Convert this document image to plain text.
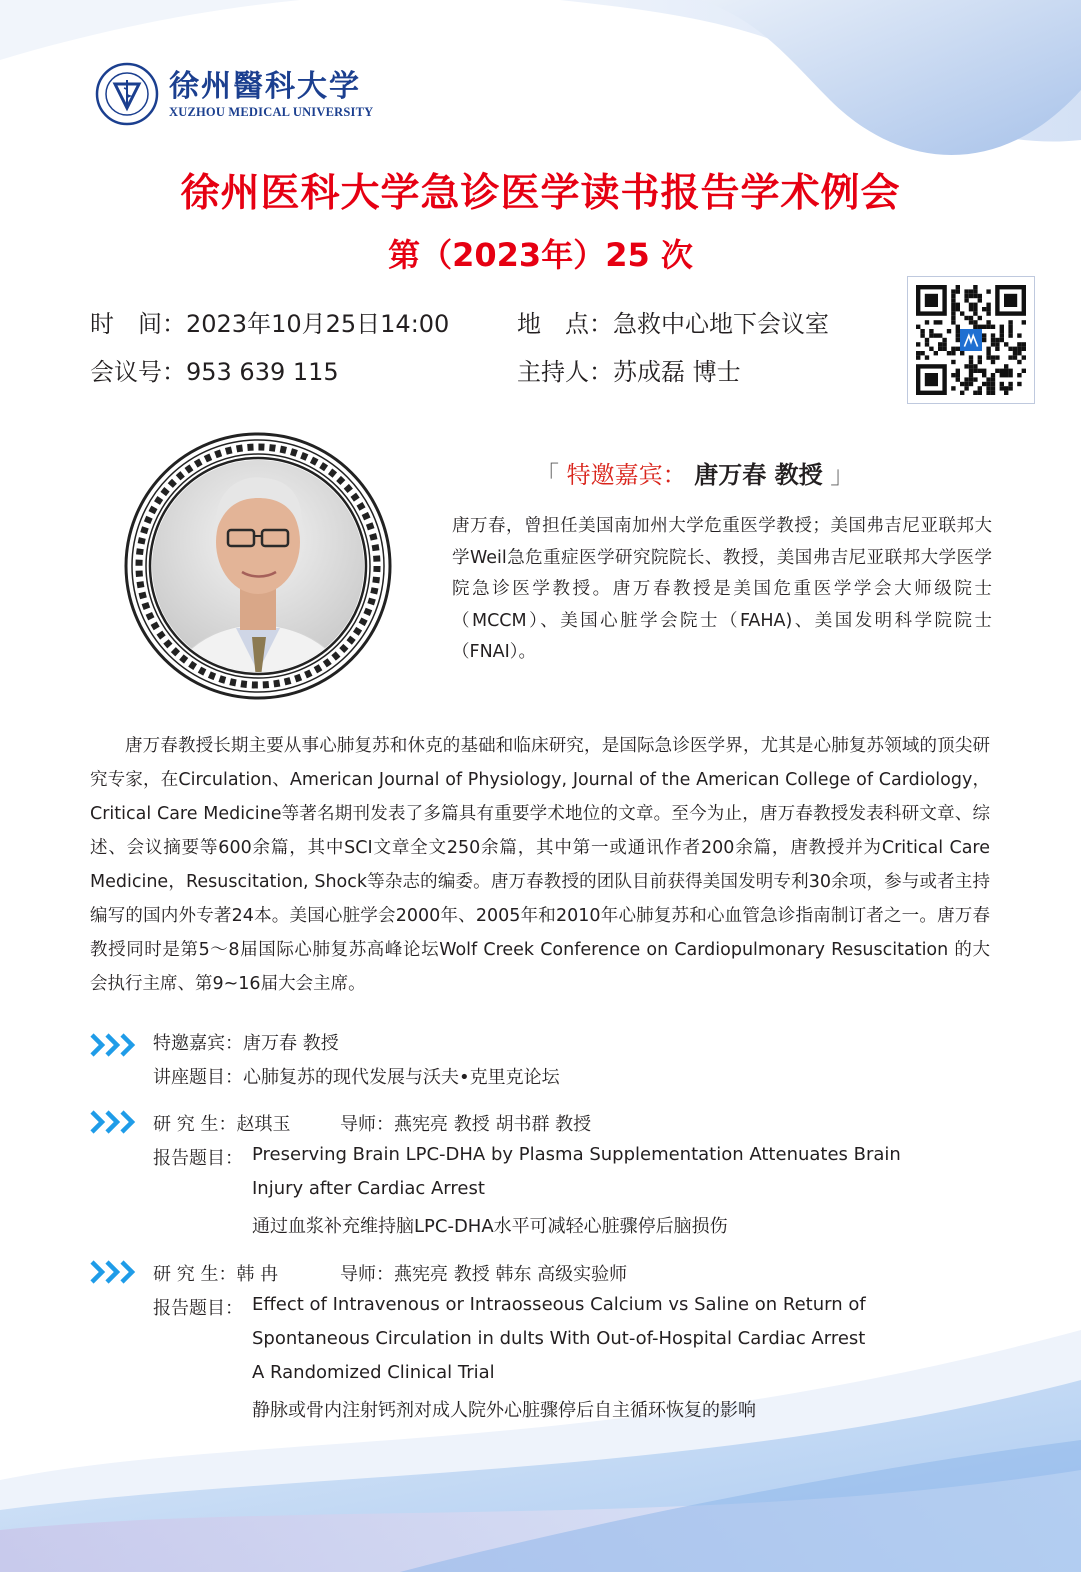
徐州醫科大学
XUZHOU MEDICAL UNIVERSITY
徐州医科大学急诊医学读书报告学术例会
第（2023年）25 次
时　间：2023年10月25日14:00	地　点：急救中心地下会议室
会议号：953 639 115	主持人：苏成磊 博士
「 特邀嘉宾： 唐万春 教授 」
唐万春，曾担任美国南加州大学危重医学教授；美国弗吉尼亚联邦大学Weil急危重症医学研究院院长、教授，美国弗吉尼亚联邦大学医学院急诊医学教授。唐万春教授是美国危重医学学会大师级院士（MCCM）、美国心脏学会院士（FAHA)、美国发明科学院院士（FNAI）。
唐万春教授长期主要从事心肺复苏和休克的基础和临床研究，是国际急诊医学界，尤其是心肺复苏领域的顶尖研究专家，在Circulation、American Journal of Physiology, Journal of the American College of Cardiology，Critical Care Medicine等著名期刊发表了多篇具有重要学术地位的文章。至今为止，唐万春教授发表科研文章、综述、会议摘要等600余篇，其中SCI文章全文250余篇，其中第一或通讯作者200余篇，唐教授并为Critical Care Medicine，Resuscitation, Shock等杂志的编委。唐万春教授的团队目前获得美国发明专利30余项，参与或者主持编写的国内外专著24本。美国心脏学会2000年、2005年和2010年心肺复苏和心血管急诊指南制订者之一。唐万春教授同时是第5～8届国际心肺复苏高峰论坛Wolf Creek Conference on Cardiopulmonary Resuscitation 的大会执行主席、第9~16届大会主席。
特邀嘉宾：唐万春 教授
讲座题目：心肺复苏的现代发展与沃夫•克里克论坛
研 究 生：赵琪玉	导师：燕宪亮 教授 胡书群 教授
报告题目： Preserving Brain LPC-DHA by Plasma Supplementation Attenuates Brain
Injury after Cardiac Arrest
通过血浆补充维持脑LPC-DHA水平可减轻心脏骤停后脑损伤
研 究 生：韩 冉	导师：燕宪亮 教授 韩东 高级实验师
报告题目： Effect of Intravenous or Intraosseous Calcium vs Saline on Return of
Spontaneous Circulation in dults With Out-of-Hospital Cardiac Arrest
A Randomized Clinical Trial
静脉或骨内注射钙剂对成人院外心脏骤停后自主循环恢复的影响
